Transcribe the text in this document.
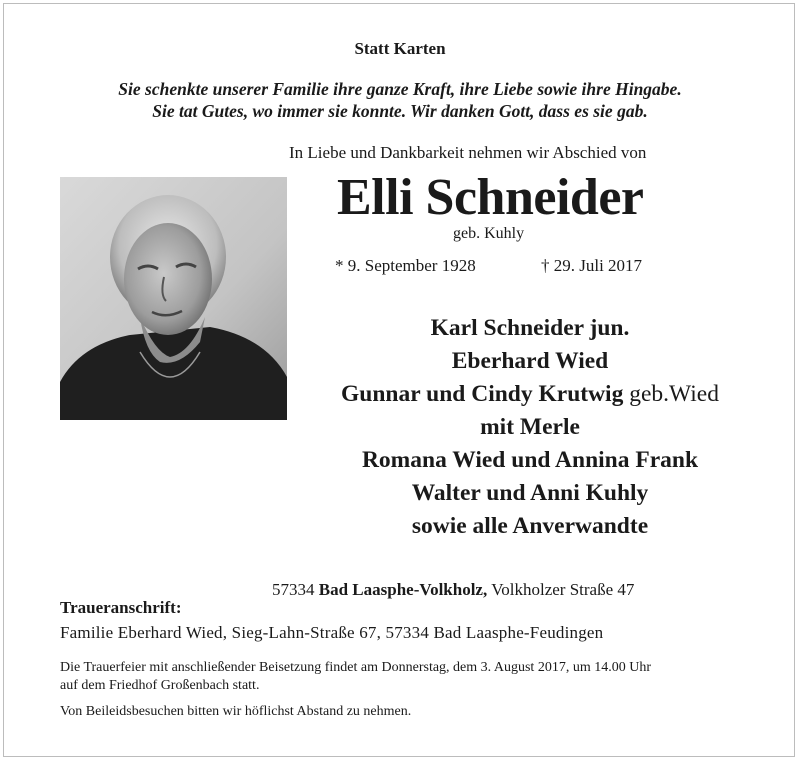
Statt Karten
Sie schenkte unserer Familie ihre ganze Kraft, ihre Liebe sowie ihre Hingabe.
Sie tat Gutes, wo immer sie konnte. Wir danken Gott, dass es sie gab.
In Liebe und Dankbarkeit nehmen wir Abschied von
Elli Schneider
geb. Kuhly
* 9. September 1928	† 29. Juli 2017
Karl Schneider jun.
Eberhard Wied
Gunnar und Cindy Krutwig geb.Wied
mit Merle
Romana Wied und Annina Frank
Walter und Anni Kuhly
sowie alle Anverwandte
57334 Bad Laasphe-Volkholz, Volkholzer Straße 47
Traueranschrift:
Familie Eberhard Wied, Sieg-Lahn-Straße 67, 57334 Bad Laasphe-Feudingen
Die Trauerfeier mit anschließender Beisetzung findet am Donnerstag, dem 3. August 2017, um 14.00 Uhr
auf dem Friedhof Großenbach statt.
Von Beileidsbesuchen bitten wir höflichst Abstand zu nehmen.
